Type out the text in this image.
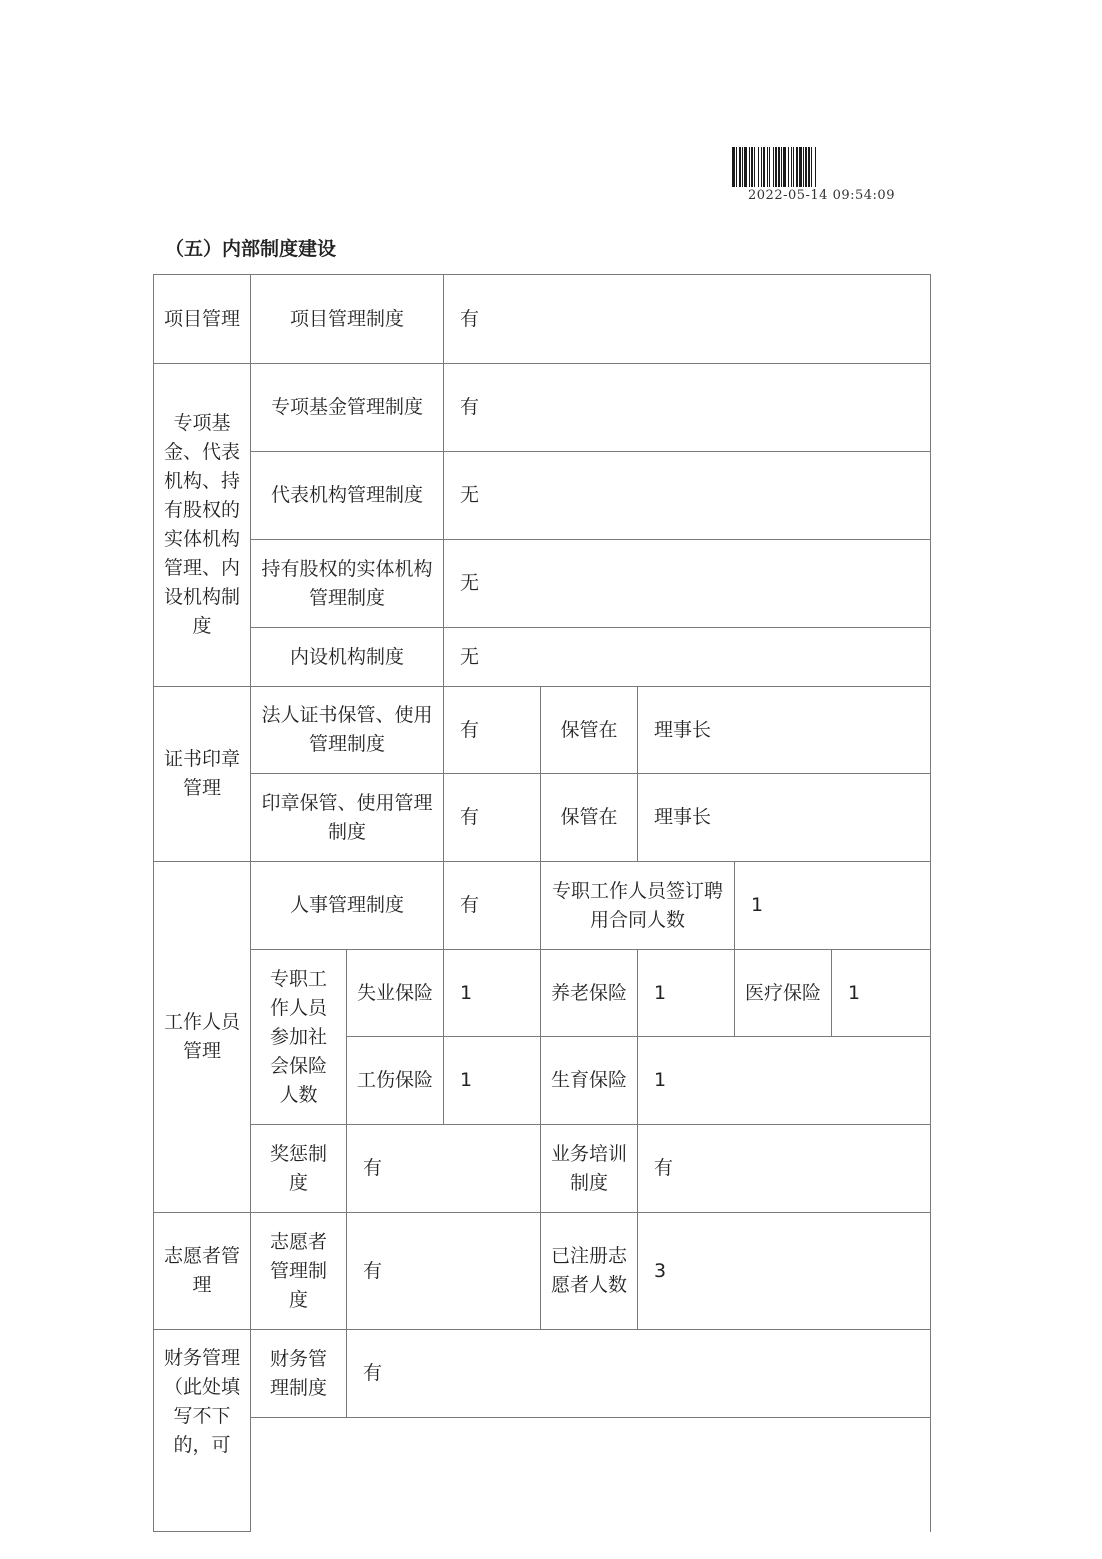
2022-05-14 09:54:09
（五）内部制度建设
项目管理	项目管理制度		有				
专项基金、代表机构、持有股权的实体机构管理、内设机构制度	专项基金管理制度		有				
	代表机构管理制度		无				
	持有股权的实体机构管理制度		无				
	内设机构制度		无				
证书印章管理	法人证书保管、使用管理制度		有	保管在	理事长		
	印章保管、使用管理制度		有	保管在	理事长		
工作人员管理	人事管理制度		有	专职工作人员签订聘用合同人数		1	
	专职工作人员参加社会保险人数	失业保险	1	养老保险	1	医疗保险	1
		工伤保险	1	生育保险	1		
	奖惩制度	有		业务培训制度	有		
志愿者管理	志愿者管理制度	有		已注册志愿者人数	3		
财务管理（此处填写不下的，可	财务管理制度	有					
